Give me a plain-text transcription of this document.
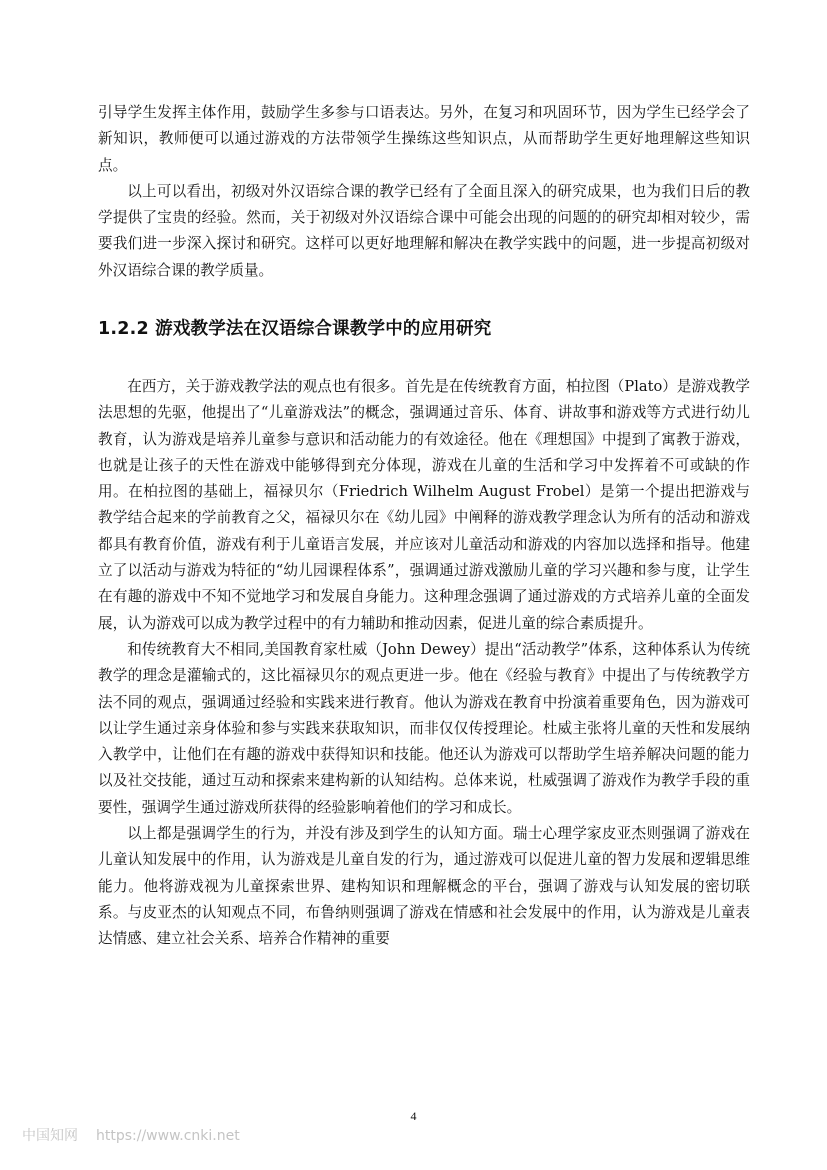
引导学生发挥主体作用，鼓励学生多参与口语表达。另外，在复习和巩固环节，因为学生已经学会了新知识，教师便可以通过游戏的方法带领学生操练这些知识点，从而帮助学生更好地理解这些知识点。

以上可以看出，初级对外汉语综合课的教学已经有了全面且深入的研究成果，也为我们日后的教学提供了宝贵的经验。然而，关于初级对外汉语综合课中可能会出现的问题的的研究却相对较少，需要我们进一步深入探讨和研究。这样可以更好地理解和解决在教学实践中的问题，进一步提高初级对外汉语综合课的教学质量。

1.2.2 游戏教学法在汉语综合课教学中的应用研究

在西方，关于游戏教学法的观点也有很多。首先是在传统教育方面，柏拉图（Plato）是游戏教学法思想的先驱，他提出了“儿童游戏法”的概念，强调通过音乐、体育、讲故事和游戏等方式进行幼儿教育，认为游戏是培养儿童参与意识和活动能力的有效途径。他在《理想国》中提到了寓教于游戏，也就是让孩子的天性在游戏中能够得到充分体现，游戏在儿童的生活和学习中发挥着不可或缺的作用。在柏拉图的基础上，福禄贝尔（Friedrich Wilhelm August Frobel）是第一个提出把游戏与教学结合起来的学前教育之父，福禄贝尔在《幼儿园》中阐释的游戏教学理念认为所有的活动和游戏都具有教育价值，游戏有利于儿童语言发展，并应该对儿童活动和游戏的内容加以选择和指导。他建立了以活动与游戏为特征的“幼儿园课程体系”，强调通过游戏激励儿童的学习兴趣和参与度，让学生在有趣的游戏中不知不觉地学习和发展自身能力。这种理念强调了通过游戏的方式培养儿童的全面发展，认为游戏可以成为教学过程中的有力辅助和推动因素，促进儿童的综合素质提升。

和传统教育大不相同,美国教育家杜威（John Dewey）提出“活动教学”体系，这种体系认为传统教学的理念是灌输式的，这比福禄贝尔的观点更进一步。他在《经验与教育》中提出了与传统教学方法不同的观点，强调通过经验和实践来进行教育。他认为游戏在教育中扮演着重要角色，因为游戏可以让学生通过亲身体验和参与实践来获取知识，而非仅仅传授理论。杜威主张将儿童的天性和发展纳入教学中，让他们在有趣的游戏中获得知识和技能。他还认为游戏可以帮助学生培养解决问题的能力以及社交技能，通过互动和探索来建构新的认知结构。总体来说，杜威强调了游戏作为教学手段的重要性，强调学生通过游戏所获得的经验影响着他们的学习和成长。

以上都是强调学生的行为，并没有涉及到学生的认知方面。瑞士心理学家皮亚杰则强调了游戏在儿童认知发展中的作用，认为游戏是儿童自发的行为，通过游戏可以促进儿童的智力发展和逻辑思维能力。他将游戏视为儿童探索世界、建构知识和理解概念的平台，强调了游戏与认知发展的密切联系。与皮亚杰的认知观点不同，布鲁纳则强调了游戏在情感和社会发展中的作用，认为游戏是儿童表达情感、建立社会关系、培养合作精神的重要

4
中国知网 https://www.cnki.net
